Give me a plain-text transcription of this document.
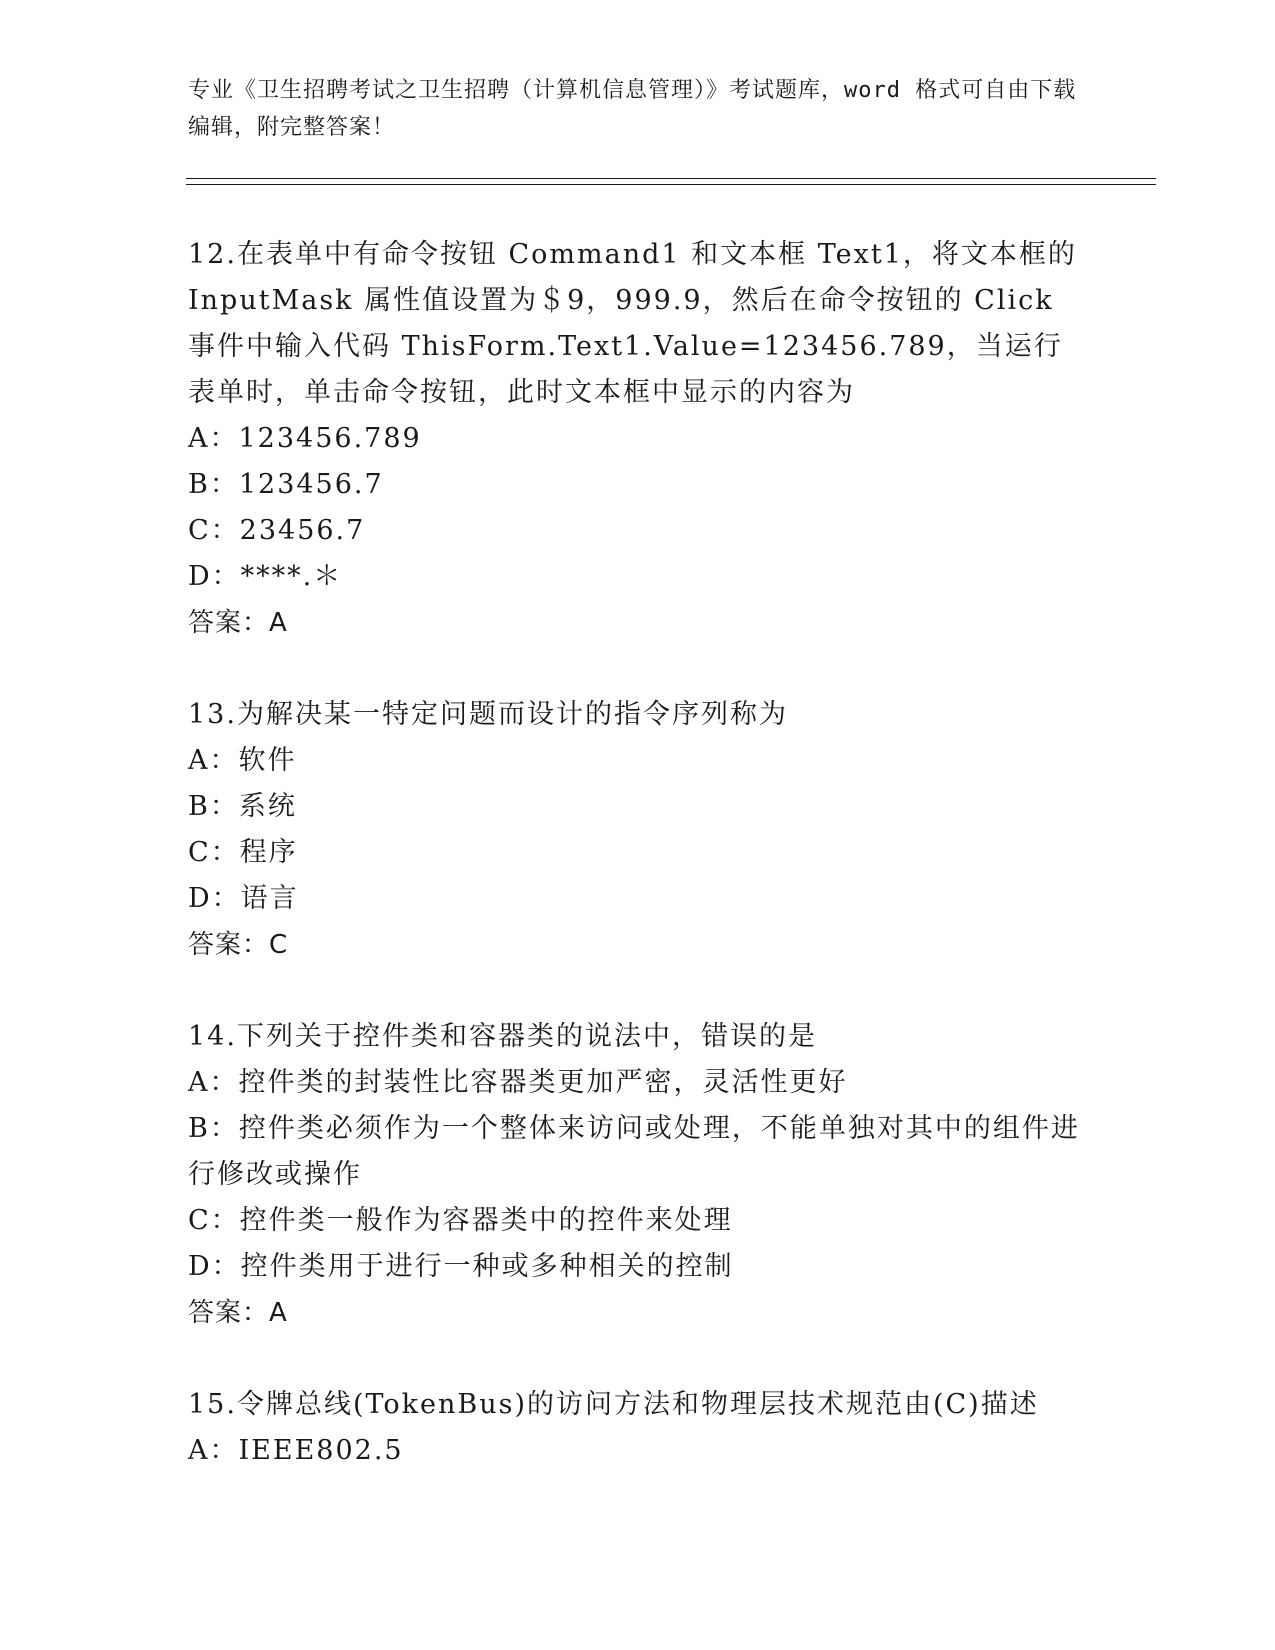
专业《卫生招聘考试之卫生招聘（计算机信息管理）》考试题库，word 格式可自由下载编辑，附完整答案！
12.在表单中有命令按钮 Command1 和文本框 Text1，将文本框的 InputMask 属性值设置为＄9，999.9，然后在命令按钮的 Click 事件中输入代码 ThisForm.Text1.Value=123456.789，当运行表单时，单击命令按钮，此时文本框中显示的内容为
A：123456.789
B：123456.7
C：23456.7
D：****.＊
答案：A
13.为解决某一特定问题而设计的指令序列称为
A：软件
B：系统
C：程序
D：语言
答案：C
14.下列关于控件类和容器类的说法中，错误的是
A：控件类的封装性比容器类更加严密，灵活性更好
B：控件类必须作为一个整体来访问或处理，不能单独对其中的组件进行修改或操作
C：控件类一般作为容器类中的控件来处理
D：控件类用于进行一种或多种相关的控制
答案：A
15.令牌总线(TokenBus)的访问方法和物理层技术规范由(C)描述
A：IEEE802.5
